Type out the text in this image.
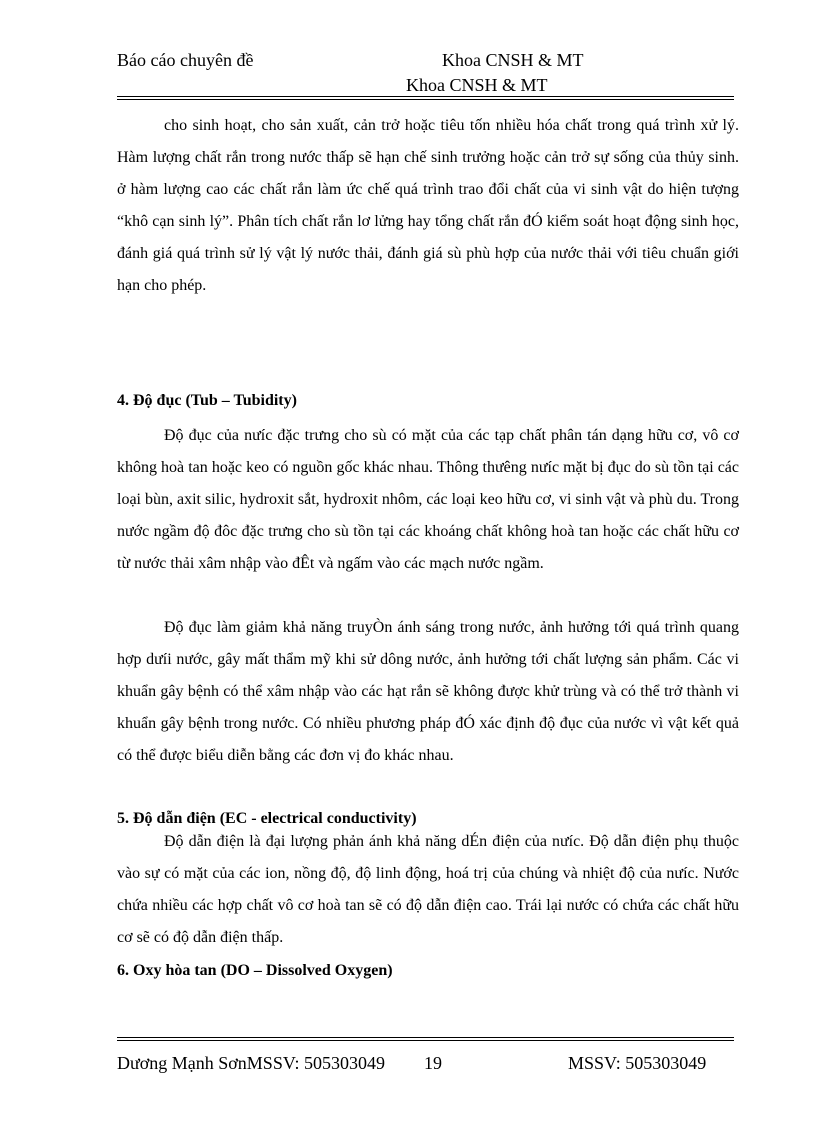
Báo cáo chuyên đề	Khoa CNSH & MT
Khoa CNSH & MT

cho sinh hoạt, cho sản xuất, cản trở hoặc tiêu tốn nhiều hóa chất trong quá trình xử lý. Hàm lượng chất rắn trong nước thấp sẽ hạn chế sinh trưởng hoặc cản trở sự sống của thủy sinh. ở hàm lượng cao các chất rắn làm ức chế quá trình trao đổi chất của vi sinh vật do hiện tượng “khô cạn sinh lý”. Phân tích chất rắn lơ lửng hay tổng chất rắn đÓ kiểm soát hoạt động sinh học, đánh giá quá trình sử lý vật lý nước thải, đánh giá sù phù hợp của nước thải với tiêu chuẩn giới hạn cho phép.

4. Độ đục (Tub – Tubidity)

Độ đục của nưíc đặc trưng cho sù có mặt của các tạp chất phân tán dạng hữu cơ, vô cơ không hoà tan hoặc keo có nguồn gốc khác nhau. Thông thưêng nưíc mặt bị đục do sù tồn tại các loại bùn, axit silic, hydroxit sắt, hydroxit nhôm, các loại keo hữu cơ, vi sinh vật và phù du. Trong nước ngầm độ đôc đặc trưng cho sù tồn tại các khoáng chất không hoà tan hoặc các chất hữu cơ từ nước thải xâm nhập vào đÊt và ngấm vào các mạch nước ngầm.

Độ đục làm giảm khả năng truyÒn ánh sáng trong nước, ảnh hưởng tới quá trình quang hợp dưíi nước, gây mất thẩm mỹ khi sử dông nước, ảnh hưởng tới chất lượng sản phẩm. Các vi khuẩn gây bệnh có thể xâm nhập vào các hạt rắn sẽ không được khử trùng và có thể trở thành vi khuẩn gây bệnh trong nước. Có nhiều phương pháp đÓ xác định độ đục của nước vì vật kết quả có thể được biểu diễn bằng các đơn vị đo khác nhau.

5. Độ dẫn điện (EC - electrical conductivity)

Độ dẫn điện là đại lượng phản ánh khả năng dÉn điện của nưíc. Độ dẫn điện phụ thuộc vào sự có mặt của các ion, nồng độ, độ linh động, hoá trị của chúng và nhiệt độ của nưíc. Nước chứa nhiều các hợp chất vô cơ hoà tan sẽ có độ dẫn điện cao. Trái lại nước có chứa các chất hữu cơ sẽ có độ dẫn điện thấp.

6. Oxy hòa tan (DO – Dissolved Oxygen)

Dương Mạnh SơnMSSV: 505303049 19	MSSV: 505303049
